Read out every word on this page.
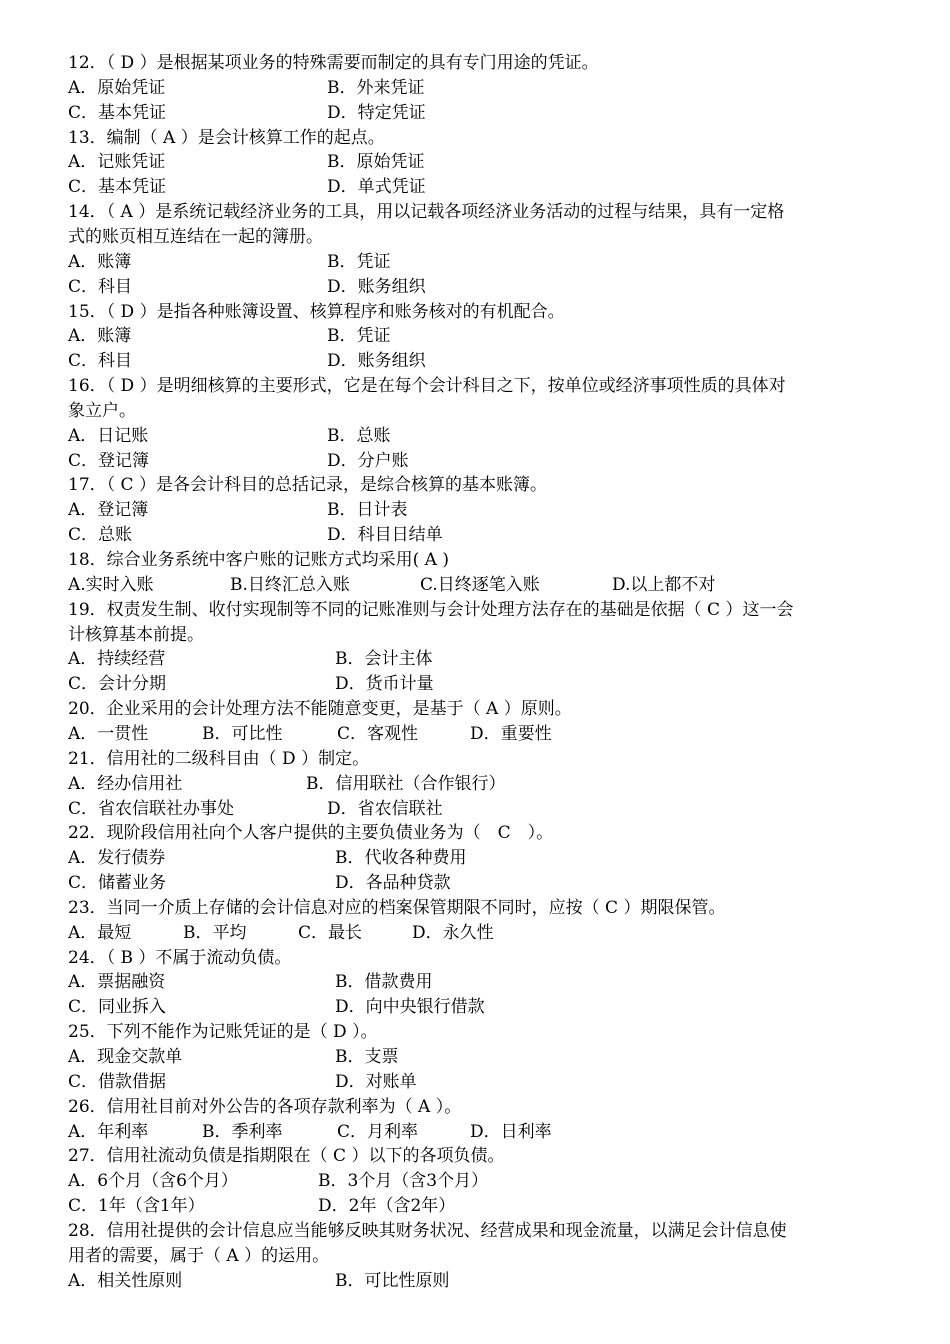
12．（ D ）是根据某项业务的特殊需要而制定的具有专门用途的凭证。
A．原始凭证	B．外来凭证
C．基本凭证	D．特定凭证
13．编制（ A ）是会计核算工作的起点。
A．记账凭证	B．原始凭证
C．基本凭证	D．单式凭证
14．（ A ）是系统记载经济业务的工具，用以记载各项经济业务活动的过程与结果，具有一定格
式的账页相互连结在一起的簿册。
A．账簿	B．凭证
C．科目	D．账务组织
15．（ D ）是指各种账簿设置、核算程序和账务核对的有机配合。
A．账簿	B．凭证
C．科目	D．账务组织
16．（ D ）是明细核算的主要形式，它是在每个会计科目之下，按单位或经济事项性质的具体对
象立户。
A．日记账	B．总账
C．登记簿	D．分户账
17．（ C ）是各会计科目的总括记录，是综合核算的基本账簿。
A．登记簿	B．日计表
C．总账	D．科目日结单
18．综合业务系统中客户账的记账方式均采用( A )
A.实时入账	B.日终汇总入账	C.日终逐笔入账	D.以上都不对
19．权责发生制、收付实现制等不同的记账准则与会计处理方法存在的基础是依据（ C ）这一会
计核算基本前提。
A．持续经营	B．会计主体
C．会计分期	D．货币计量
20．企业采用的会计处理方法不能随意变更，是基于（ A ）原则。
A．一贯性	B．可比性	C．客观性	D．重要性
21．信用社的二级科目由（ D ）制定。
A．经办信用社	B．信用联社（合作银行）
C．省农信联社办事处	D．省农信联社
22．现阶段信用社向个人客户提供的主要负债业务为（　C　）。
A．发行债券	B．代收各种费用
C．储蓄业务	D．各品种贷款
23．当同一介质上存储的会计信息对应的档案保管期限不同时，应按（ C ）期限保管。
A．最短	B．平均	C．最长	D．永久性
24．（ B ）不属于流动负债。
A．票据融资	B．借款费用
C．同业拆入	D．向中央银行借款
25．下列不能作为记账凭证的是（ D ）。
A．现金交款单	B．支票
C．借款借据	D．对账单
26．信用社目前对外公告的各项存款利率为（ A ）。
A．年利率	B．季利率	C．月利率	D．日利率
27．信用社流动负债是指期限在（ C ）以下的各项负债。
A．6个月（含6个月）	B．3个月（含3个月）
C．1年（含1年）	D．2年（含2年）
28．信用社提供的会计信息应当能够反映其财务状况、经营成果和现金流量，以满足会计信息使
用者的需要，属于（ A ）的运用。
A．相关性原则	B．可比性原则
